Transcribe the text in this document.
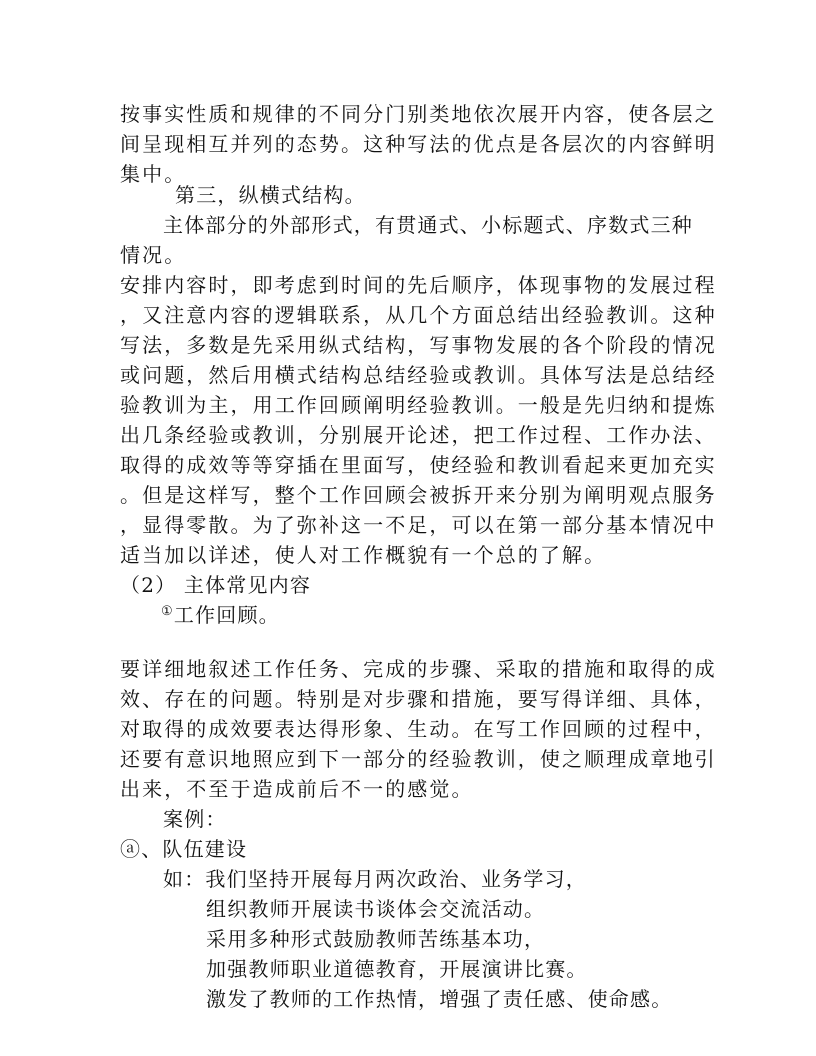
按事实性质和规律的不同分门别类地依次展开内容，使各层之
间呈现相互并列的态势。这种写法的优点是各层次的内容鲜明
集中。
第三，纵横式结构。
主体部分的外部形式，有贯通式、小标题式、序数式三种
情况。
安排内容时，即考虑到时间的先后顺序，体现事物的发展过程
，又注意内容的逻辑联系，从几个方面总结出经验教训。这种
写法，多数是先采用纵式结构，写事物发展的各个阶段的情况
或问题，然后用横式结构总结经验或教训。具体写法是总结经
验教训为主，用工作回顾阐明经验教训。一般是先归纳和提炼
出几条经验或教训，分别展开论述，把工作过程、工作办法、
取得的成效等等穿插在里面写，使经验和教训看起来更加充实
。但是这样写，整个工作回顾会被拆开来分别为阐明观点服务
，显得零散。为了弥补这一不足，可以在第一部分基本情况中
适当加以详述，使人对工作概貌有一个总的了解。
（2） 主体常见内容
①工作回顾。
要详细地叙述工作任务、完成的步骤、采取的措施和取得的成
效、存在的问题。特别是对步骤和措施，要写得详细、具体，
对取得的成效要表达得形象、生动。在写工作回顾的过程中，
还要有意识地照应到下一部分的经验教训，使之顺理成章地引
出来，不至于造成前后不一的感觉。
案例：
ⓐ、队伍建设
如：我们坚持开展每月两次政治、业务学习，
组织教师开展读书谈体会交流活动。
采用多种形式鼓励教师苦练基本功，
加强教师职业道德教育，开展演讲比赛。
激发了教师的工作热情，增强了责任感、使命感。
